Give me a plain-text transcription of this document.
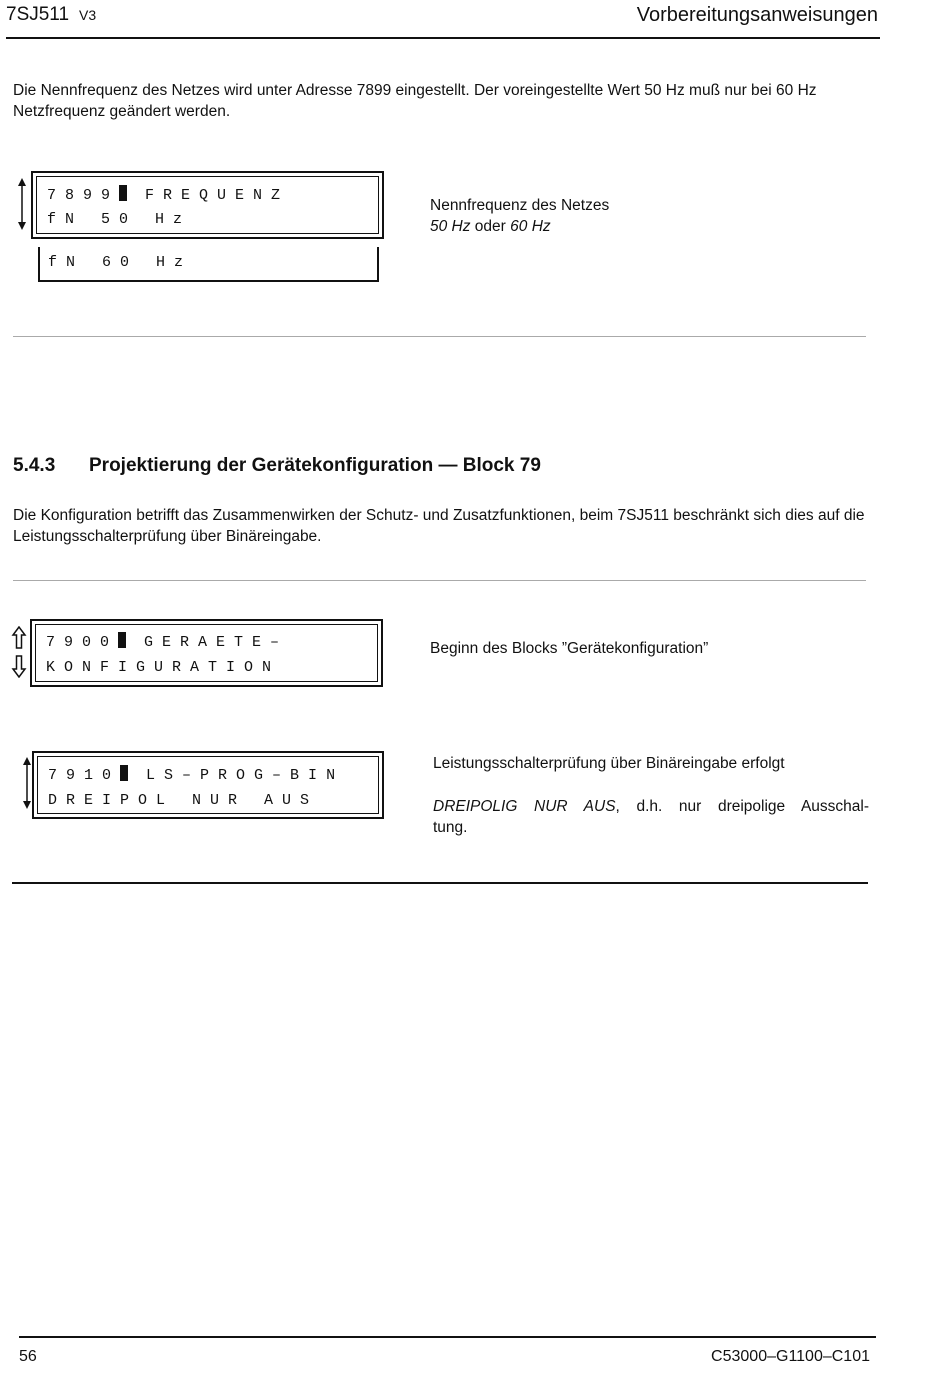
7SJ511 V3	Vorbereitungsanweisungen
Die Nennfrequenz des Netzes wird unter Adresse 7899 eingestellt. Der voreingestellte Wert 50 Hz muß nur bei 60 Hz Netzfrequenz geändert werden.
7 8 9 9   F R E Q U E N Z
f N   5 0   H z
f N   6 0   H z
Nennfrequenz des Netzes
50 Hz oder 60 Hz
5.4.3 Projektierung der Gerätekonfiguration — Block 79
Die Konfiguration betrifft das Zusammenwirken der Schutz- und Zusatzfunktionen, beim 7SJ511 beschränkt sich dies auf die Leistungsschalterprüfung über Binäreingabe.
7 9 0 0   G E R A E T E –
K O N F I G U R A T I O N
Beginn des Blocks ”Gerätekonfiguration”
7 9 1 0   L S – P R O G – B I N
D R E I P O L   N U R   A U S
Leistungsschalterprüfung über Binäreingabe erfolgt
DREIPOLIG NUR AUS, d.h. nur dreipolige Ausschal-
tung.
56	C53000–G1100–C101
